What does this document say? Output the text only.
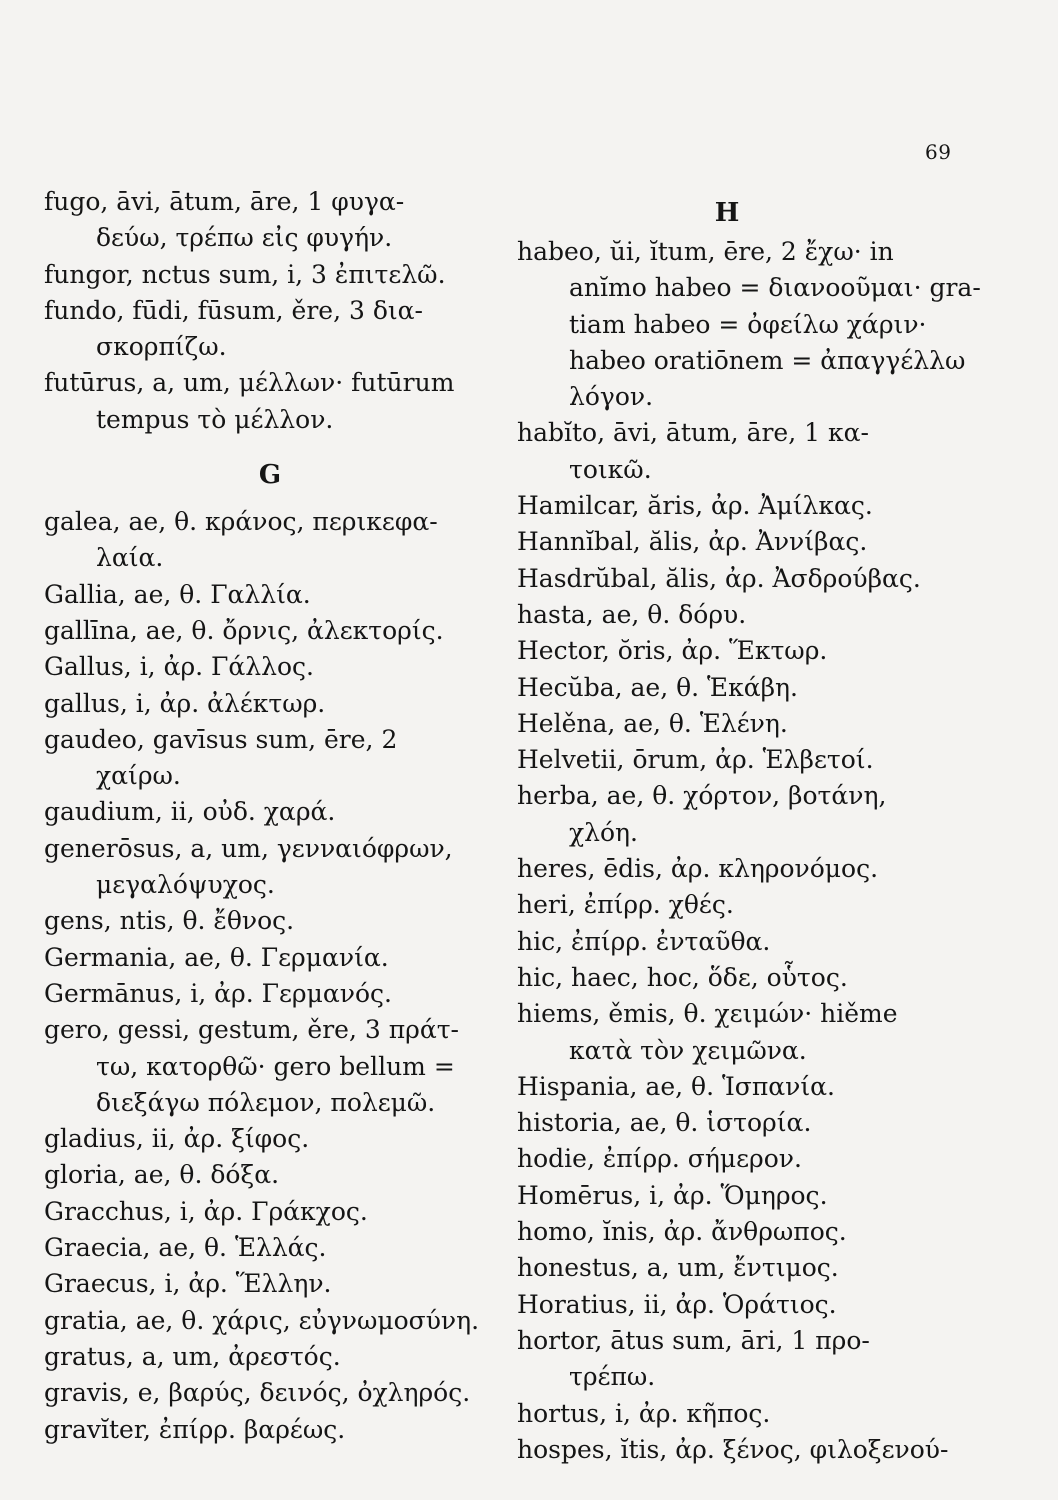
69
fugo, āvi, ātum, āre, 1 φυγα-
δεύω, τρέπω εἰς φυγήν.
fungor, nctus sum, i, 3 ἐπιτελῶ.
fundo, fūdi, fūsum, ěre, 3 δια-
σκορπίζω.
futūrus, a, um, μέλλων· futūrum
tempus τὸ μέλλον.
G
galea, ae, θ. κράνος, περικεφα-
λαία.
Gallia, ae, θ. Γαλλία.
gallīna, ae, θ. ὄρνις, ἀλεκτορίς.
Gallus, i, ἀρ. Γάλλος.
gallus, i, ἀρ. ἀλέκτωρ.
gaudeo, gavīsus sum, ēre, 2
χαίρω.
gaudium, ii, οὐδ. χαρά.
generōsus, a, um, γενναιόφρων,
μεγαλόψυχος.
gens, ntis, θ. ἔθνος.
Germania, ae, θ. Γερμανία.
Germānus, i, ἀρ. Γερμανός.
gero, gessi, gestum, ěre, 3 πράτ-
τω, κατορθῶ· gero bellum =
διεξάγω πόλεμον, πολεμῶ.
gladius, ii, ἀρ. ξίφος.
gloria, ae, θ. δόξα.
Gracchus, i, ἀρ. Γράκχος.
Graecia, ae, θ. Ἑλλάς.
Graecus, i, ἀρ. Ἕλλην.
gratia, ae, θ. χάρις, εὐγνωμοσύνη.
gratus, a, um, ἀρεστός.
gravis, e, βαρύς, δεινός, ὀχληρός.
gravĭter, ἐπίρρ. βαρέως.
H
habeo, ŭi, ĭtum, ēre, 2 ἔχω· in
anĭmo habeo = διανοοῦμαι· gra-
tiam habeo = ὀφείλω χάριν·
habeo oratiōnem = ἀπαγγέλλω
λόγον.
habĭto, āvi, ātum, āre, 1 κα-
τοικῶ.
Hamilcar, ăris, ἀρ. Ἀμίλκας.
Hannĭbal, ălis, ἀρ. Ἀννίβας.
Hasdrŭbal, ălis, ἀρ. Ἀσδρούβας.
hasta, ae, θ. δόρυ.
Hector, ŏris, ἀρ. Ἕκτωρ.
Hecŭba, ae, θ. Ἑκάβη.
Helěna, ae, θ. Ἑλένη.
Helvetii, ōrum, ἀρ. Ἑλβετοί.
herba, ae, θ. χόρτον, βοτάνη,
χλόη.
heres, ēdis, ἀρ. κληρονόμος.
heri, ἐπίρρ. χθές.
hic, ἐπίρρ. ἐνταῦθα.
hic, haec, hoc, ὅδε, οὗτος.
hiems, ěmis, θ. χειμών· hiěme
κατὰ τὸν χειμῶνα.
Hispania, ae, θ. Ἱσπανία.
historia, ae, θ. ἱστορία.
hodie, ἐπίρρ. σήμερον.
Homērus, i, ἀρ. Ὅμηρος.
homo, ĭnis, ἀρ. ἄνθρωπος.
honestus, a, um, ἔντιμος.
Horatius, ii, ἀρ. Ὁράτιος.
hortor, ātus sum, āri, 1 προ-
τρέπω.
hortus, i, ἀρ. κῆπος.
hospes, ĭtis, ἀρ. ξένος, φιλοξενού-
